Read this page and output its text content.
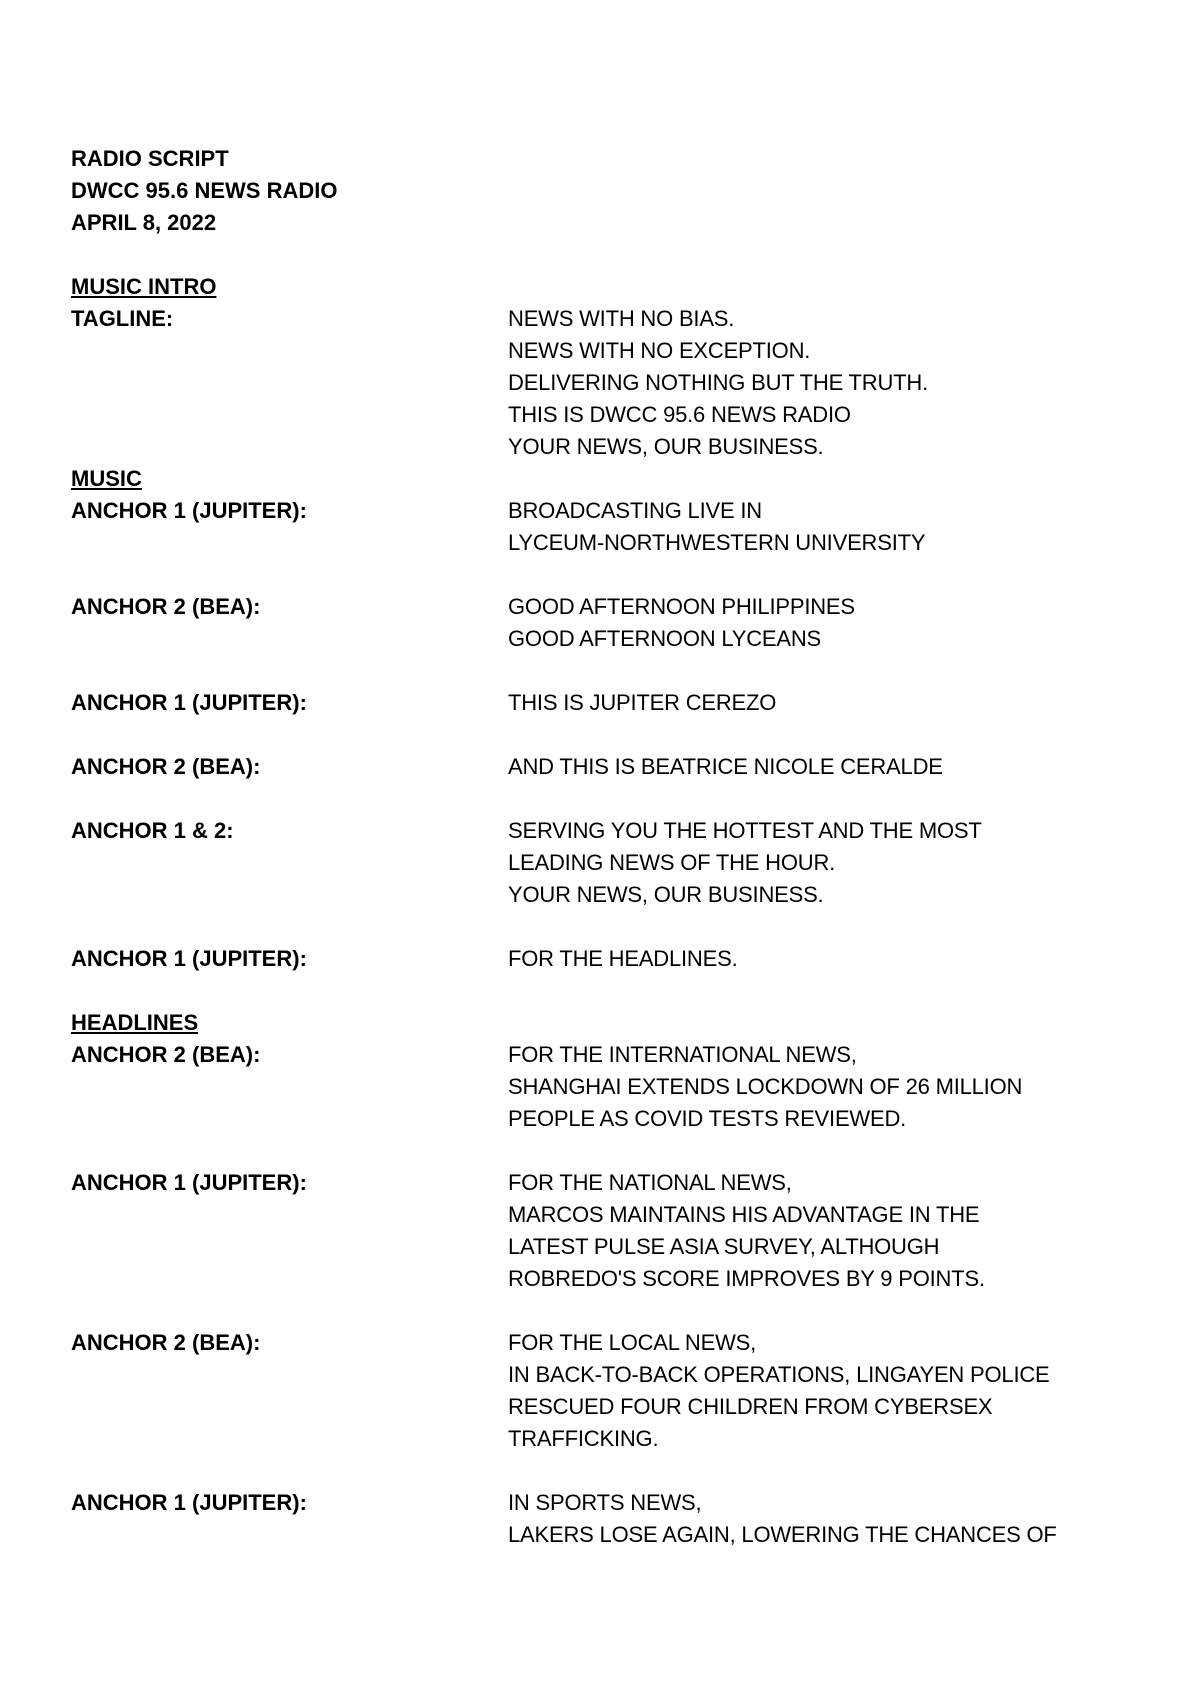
RADIO SCRIPT
DWCC 95.6 NEWS RADIO
APRIL 8, 2022
MUSIC INTRO
TAGLINE:	NEWS WITH NO BIAS.
NEWS WITH NO EXCEPTION.
DELIVERING NOTHING BUT THE TRUTH.
THIS IS DWCC 95.6 NEWS RADIO
YOUR NEWS, OUR BUSINESS.
MUSIC
ANCHOR 1 (JUPITER):	BROADCASTING LIVE IN
LYCEUM-NORTHWESTERN UNIVERSITY
ANCHOR 2 (BEA):	GOOD AFTERNOON PHILIPPINES
GOOD AFTERNOON LYCEANS
ANCHOR 1 (JUPITER):	THIS IS JUPITER CEREZO
ANCHOR 2 (BEA):	AND THIS IS BEATRICE NICOLE CERALDE
ANCHOR 1 & 2:	SERVING YOU THE HOTTEST AND THE MOST
LEADING NEWS OF THE HOUR.
YOUR NEWS, OUR BUSINESS.
ANCHOR 1 (JUPITER):	FOR THE HEADLINES.
HEADLINES
ANCHOR 2 (BEA):	FOR THE INTERNATIONAL NEWS,
SHANGHAI EXTENDS LOCKDOWN OF 26 MILLION
PEOPLE AS COVID TESTS REVIEWED.
ANCHOR 1 (JUPITER):	FOR THE NATIONAL NEWS,
MARCOS MAINTAINS HIS ADVANTAGE IN THE
LATEST PULSE ASIA SURVEY, ALTHOUGH
ROBREDO'S SCORE IMPROVES BY 9 POINTS.
ANCHOR 2 (BEA):	FOR THE LOCAL NEWS,
IN BACK-TO-BACK OPERATIONS, LINGAYEN POLICE
RESCUED FOUR CHILDREN FROM CYBERSEX
TRAFFICKING.
ANCHOR 1 (JUPITER):	IN SPORTS NEWS,
LAKERS LOSE AGAIN, LOWERING THE CHANCES OF
